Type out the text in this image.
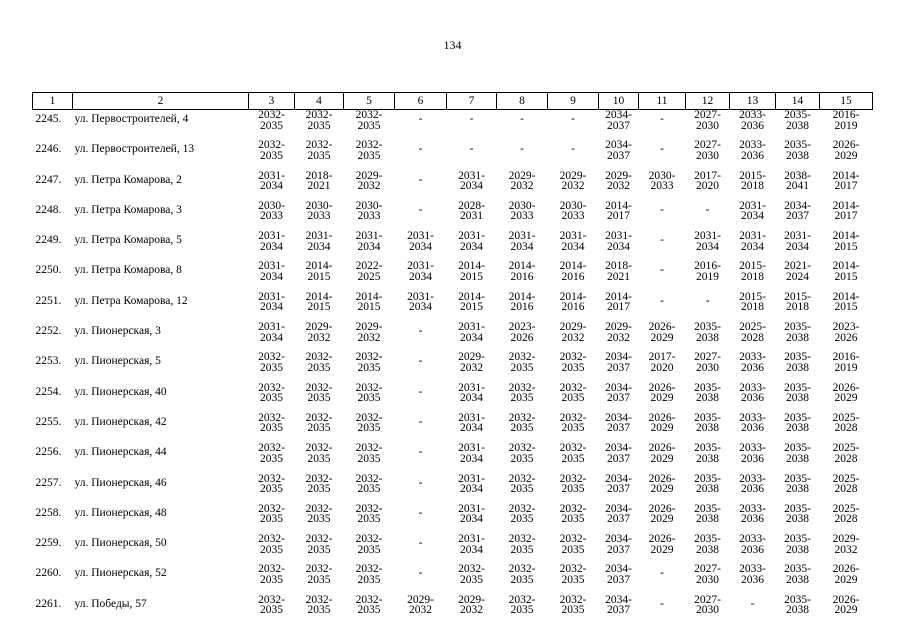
134
1	2	3	4	5	6	7	8	9	10	11	12	13	14	15
2245.	ул. Первостроителей, 4	2032-
2035	2032-
2035	2032-
2035	-	-	-	-	2034-
2037	-	2027-
2030	2033-
2036	2035-
2038	2016-
2019

2246.	ул. Первостроителей, 13	2032-
2035	2032-
2035	2032-
2035	-	-	-	-	2034-
2037	-	2027-
2030	2033-
2036	2035-
2038	2026-
2029

2247.	ул. Петра Комарова, 2	2031-
2034	2018-
2021	2029-
2032	-	2031-
2034	2029-
2032	2029-
2032	2029-
2032	2030-
2033	2017-
2020	2015-
2018	2038-
2041	2014-
2017

2248.	ул. Петра Комарова, 3	2030-
2033	2030-
2033	2030-
2033	-	2028-
2031	2030-
2033	2030-
2033	2014-
2017	-	-	2031-
2034	2034-
2037	2014-
2017

2249.	ул. Петра Комарова, 5	2031-
2034	2031-
2034	2031-
2034	2031-
2034	2031-
2034	2031-
2034	2031-
2034	2031-
2034	-	2031-
2034	2031-
2034	2031-
2034	2014-
2015

2250.	ул. Петра Комарова, 8	2031-
2034	2014-
2015	2022-
2025	2031-
2034	2014-
2015	2014-
2016	2014-
2016	2018-
2021	-	2016-
2019	2015-
2018	2021-
2024	2014-
2015

2251.	ул. Петра Комарова, 12	2031-
2034	2014-
2015	2014-
2015	2031-
2034	2014-
2015	2014-
2016	2014-
2016	2014-
2017	-	-	2015-
2018	2015-
2018	2014-
2015

2252.	ул. Пионерская, 3	2031-
2034	2029-
2032	2029-
2032	-	2031-
2034	2023-
2026	2029-
2032	2029-
2032	2026-
2029	2035-
2038	2025-
2028	2035-
2038	2023-
2026

2253.	ул. Пионерская, 5	2032-
2035	2032-
2035	2032-
2035	-	2029-
2032	2032-
2035	2032-
2035	2034-
2037	2017-
2020	2027-
2030	2033-
2036	2035-
2038	2016-
2019

2254.	ул. Пионерская, 40	2032-
2035	2032-
2035	2032-
2035	-	2031-
2034	2032-
2035	2032-
2035	2034-
2037	2026-
2029	2035-
2038	2033-
2036	2035-
2038	2026-
2029

2255.	ул. Пионерская, 42	2032-
2035	2032-
2035	2032-
2035	-	2031-
2034	2032-
2035	2032-
2035	2034-
2037	2026-
2029	2035-
2038	2033-
2036	2035-
2038	2025-
2028

2256.	ул. Пионерская, 44	2032-
2035	2032-
2035	2032-
2035	-	2031-
2034	2032-
2035	2032-
2035	2034-
2037	2026-
2029	2035-
2038	2033-
2036	2035-
2038	2025-
2028

2257.	ул. Пионерская, 46	2032-
2035	2032-
2035	2032-
2035	-	2031-
2034	2032-
2035	2032-
2035	2034-
2037	2026-
2029	2035-
2038	2033-
2036	2035-
2038	2025-
2028

2258.	ул. Пионерская, 48	2032-
2035	2032-
2035	2032-
2035	-	2031-
2034	2032-
2035	2032-
2035	2034-
2037	2026-
2029	2035-
2038	2033-
2036	2035-
2038	2025-
2028

2259.	ул. Пионерская, 50	2032-
2035	2032-
2035	2032-
2035	-	2031-
2034	2032-
2035	2032-
2035	2034-
2037	2026-
2029	2035-
2038	2033-
2036	2035-
2038	2029-
2032

2260.	ул. Пионерская, 52	2032-
2035	2032-
2035	2032-
2035	-	2032-
2035	2032-
2035	2032-
2035	2034-
2037	-	2027-
2030	2033-
2036	2035-
2038	2026-
2029

2261.	ул. Победы, 57	2032-
2035	2032-
2035	2032-
2035	2029-
2032	2029-
2032	2032-
2035	2032-
2035	2034-
2037	-	2027-
2030	-	2035-
2038	2026-
2029
